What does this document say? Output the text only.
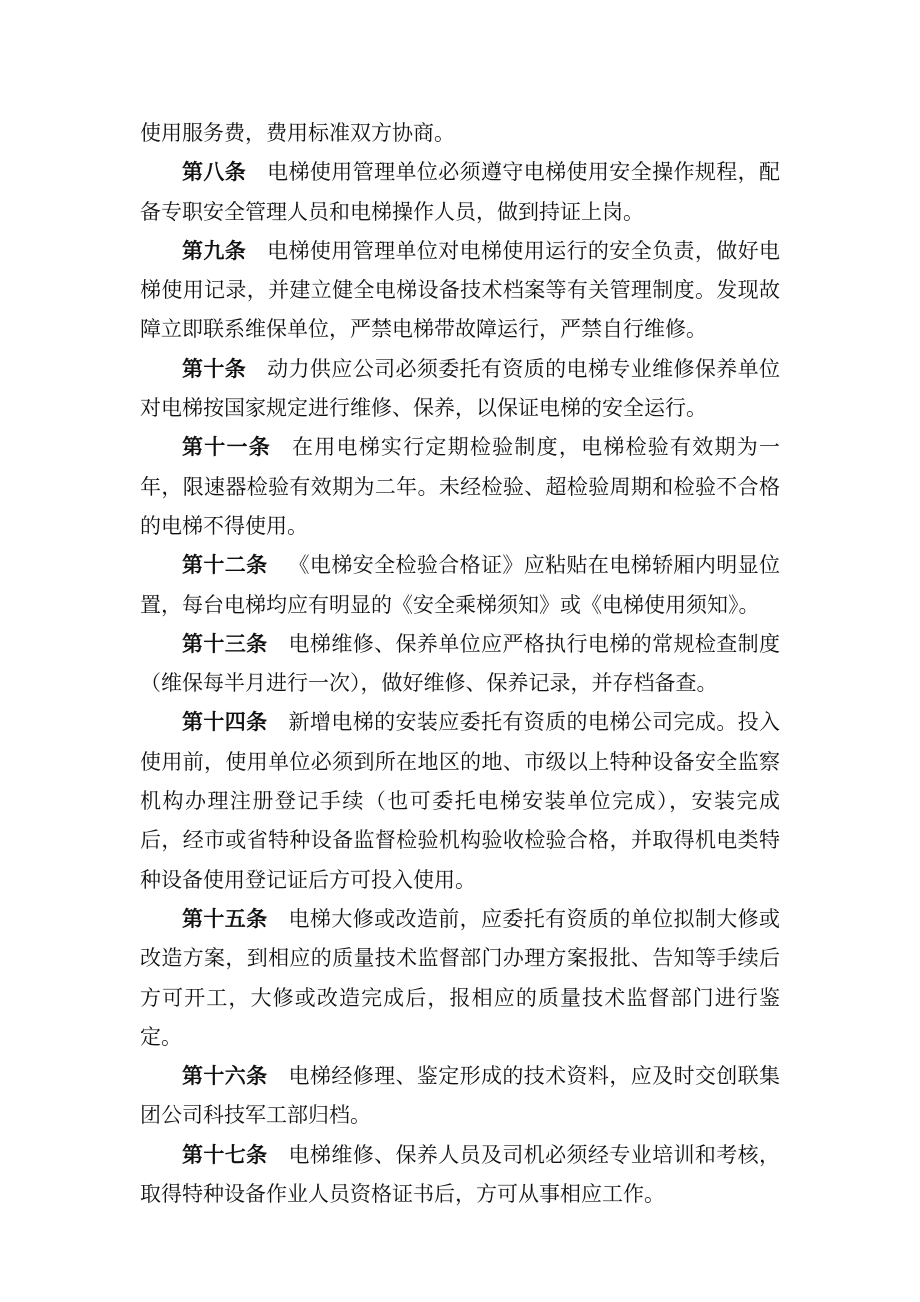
使用服务费，费用标准双方协商。

第八条 电梯使用管理单位必须遵守电梯使用安全操作规程，配备专职安全管理人员和电梯操作人员，做到持证上岗。

第九条 电梯使用管理单位对电梯使用运行的安全负责，做好电梯使用记录，并建立健全电梯设备技术档案等有关管理制度。发现故障立即联系维保单位，严禁电梯带故障运行，严禁自行维修。

第十条 动力供应公司必须委托有资质的电梯专业维修保养单位对电梯按国家规定进行维修、保养，以保证电梯的安全运行。

第十一条 在用电梯实行定期检验制度，电梯检验有效期为一年，限速器检验有效期为二年。未经检验、超检验周期和检验不合格的电梯不得使用。

第十二条 《电梯安全检验合格证》应粘贴在电梯轿厢内明显位置，每台电梯均应有明显的《安全乘梯须知》或《电梯使用须知》。

第十三条 电梯维修、保养单位应严格执行电梯的常规检查制度（维保每半月进行一次），做好维修、保养记录，并存档备查。

第十四条 新增电梯的安装应委托有资质的电梯公司完成。投入使用前，使用单位必须到所在地区的地、市级以上特种设备安全监察机构办理注册登记手续（也可委托电梯安装单位完成），安装完成后，经市或省特种设备监督检验机构验收检验合格，并取得机电类特种设备使用登记证后方可投入使用。

第十五条 电梯大修或改造前，应委托有资质的单位拟制大修或改造方案，到相应的质量技术监督部门办理方案报批、告知等手续后方可开工，大修或改造完成后，报相应的质量技术监督部门进行鉴定。

第十六条 电梯经修理、鉴定形成的技术资料，应及时交创联集团公司科技军工部归档。

第十七条 电梯维修、保养人员及司机必须经专业培训和考核，取得特种设备作业人员资格证书后，方可从事相应工作。
